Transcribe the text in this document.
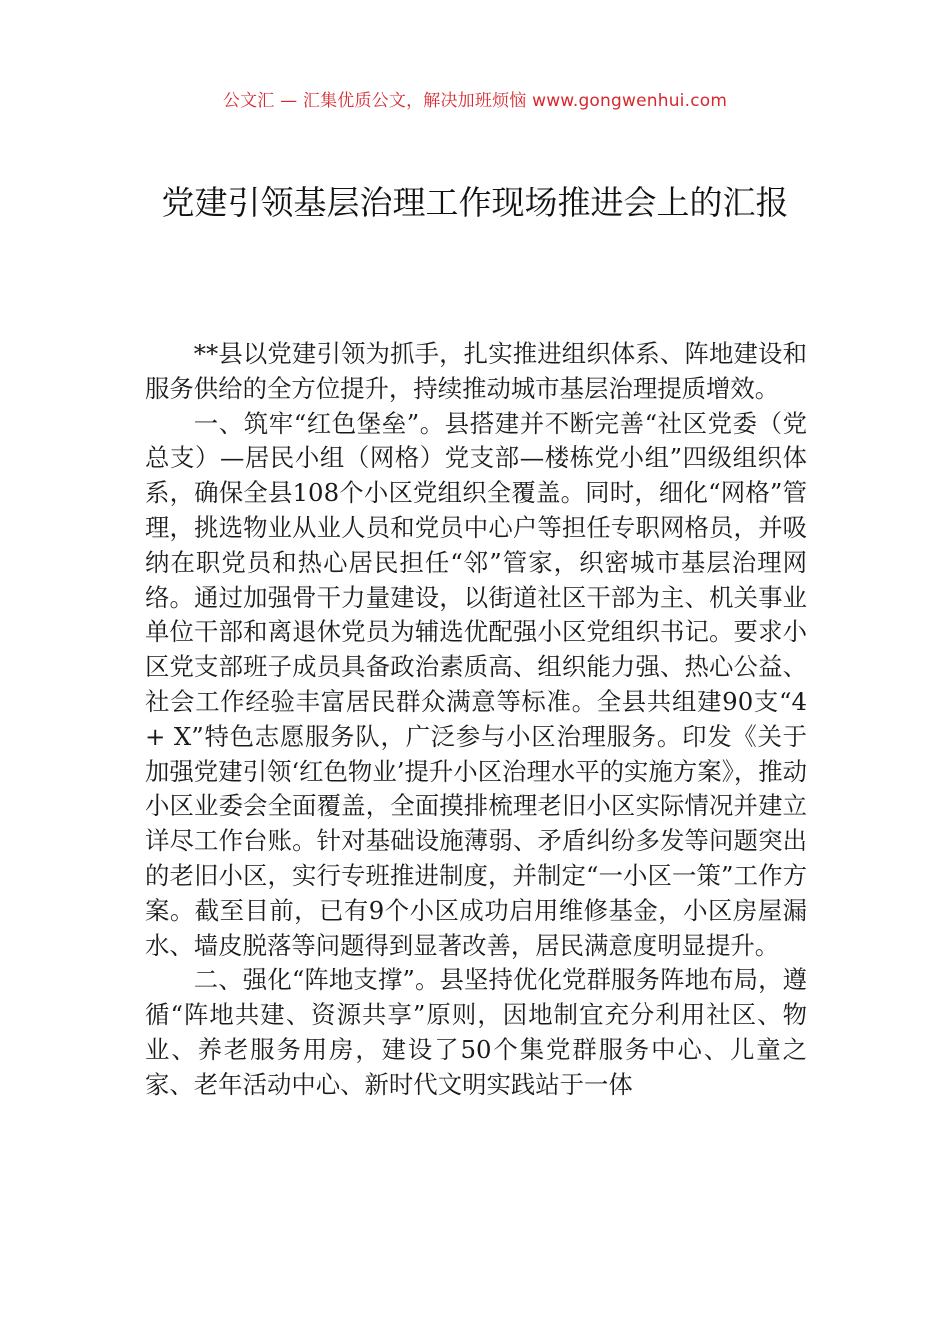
公文汇 — 汇集优质公文，解决加班烦恼 www.gongwenhui.com
党建引领基层治理工作现场推进会上的汇报

**县以党建引领为抓手，扎实推进组织体系、阵地建设和服务供给的全方位提升，持续推动城市基层治理提质增效。

一、筑牢“红色堡垒”。县搭建并不断完善“社区党委（党总支）—居民小组（网格）党支部—楼栋党小组”四级组织体系，确保全县108个小区党组织全覆盖。同时，细化“网格”管理，挑选物业从业人员和党员中心户等担任专职网格员，并吸纳在职党员和热心居民担任“邻”管家，织密城市基层治理网络。通过加强骨干力量建设，以街道社区干部为主、机关事业单位干部和离退休党员为辅选优配强小区党组织书记。要求小区党支部班子成员具备政治素质高、组织能力强、热心公益、社会工作经验丰富居民群众满意等标准。全县共组建90支“4 + X”特色志愿服务队，广泛参与小区治理服务。印发《关于加强党建引领‘红色物业’提升小区治理水平的实施方案》，推动小区业委会全面覆盖，全面摸排梳理老旧小区实际情况并建立详尽工作台账。针对基础设施薄弱、矛盾纠纷多发等问题突出的老旧小区，实行专班推进制度，并制定“一小区一策”工作方案。截至目前，已有9个小区成功启用维修基金，小区房屋漏水、墙皮脱落等问题得到显著改善，居民满意度明显提升。

二、强化“阵地支撑”。县坚持优化党群服务阵地布局，遵循“阵地共建、资源共享”原则，因地制宜充分利用社区、物业、养老服务用房，建设了50个集党群服务中心、儿童之家、老年活动中心、新时代文明实践站于一体
